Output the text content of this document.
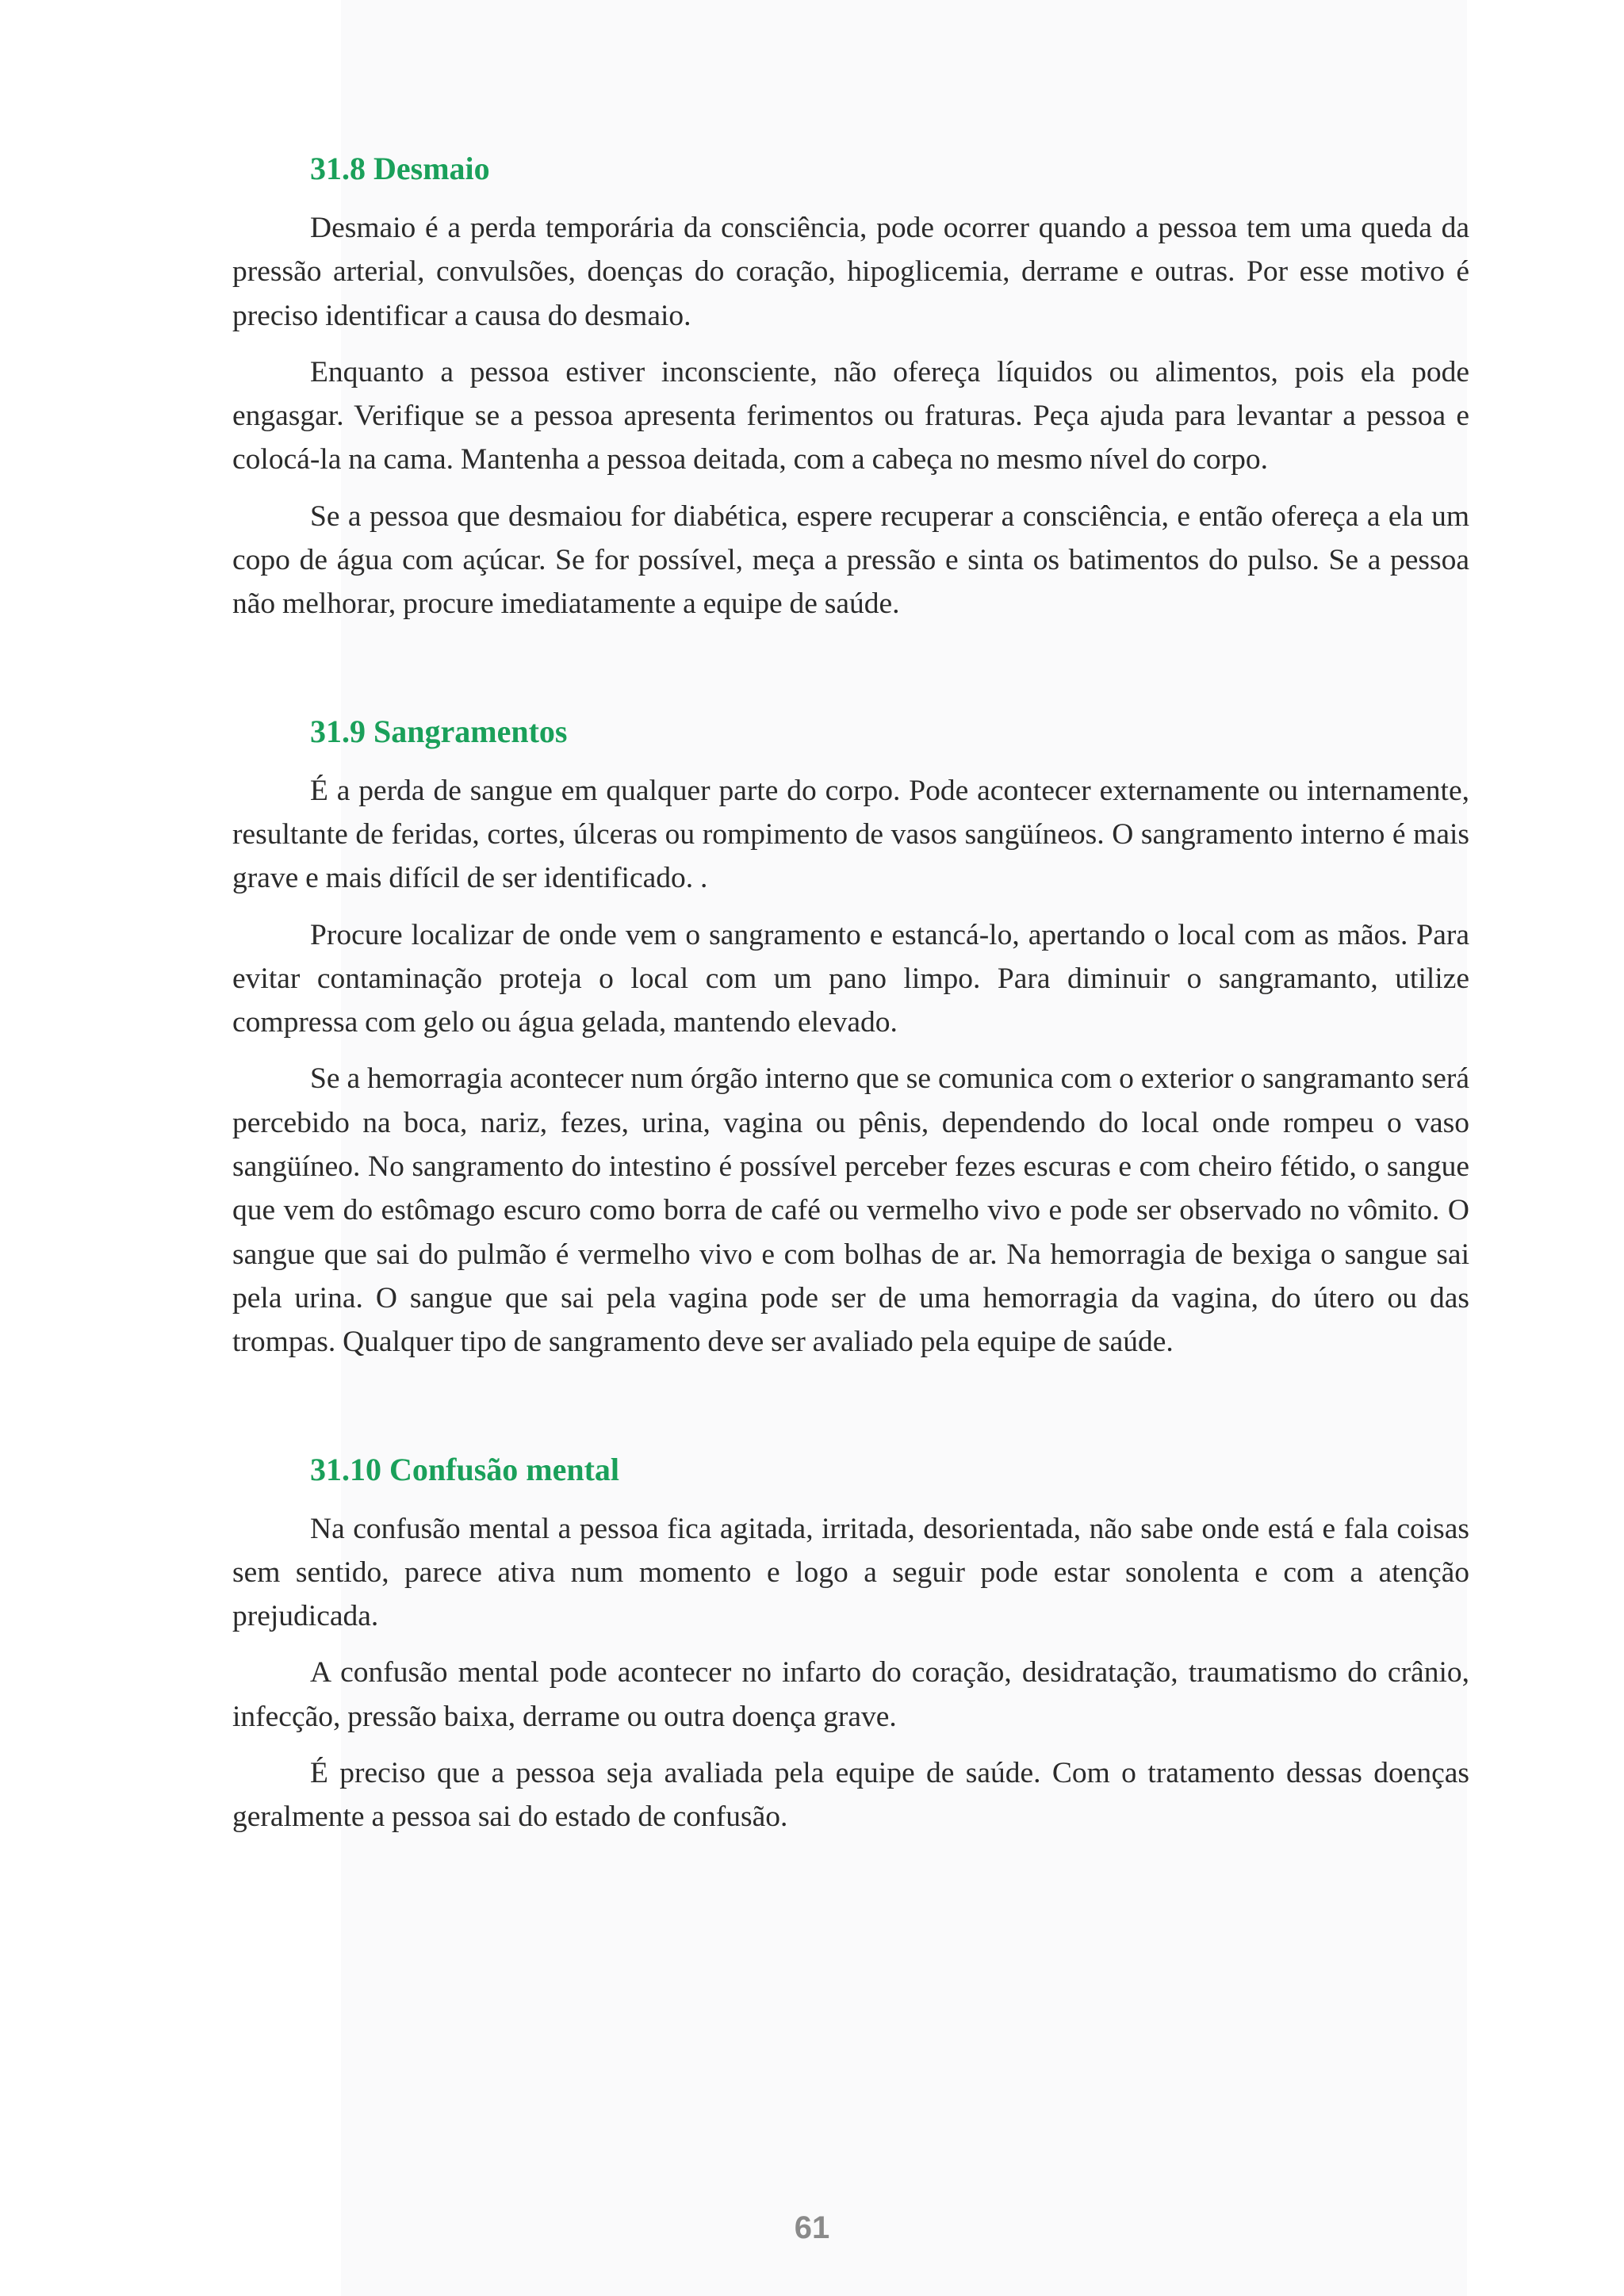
31.8 Desmaio

Desmaio é a perda temporária da consciência, pode ocorrer quando a pessoa tem uma queda da pressão arterial, convulsões, doenças do coração, hipoglicemia, derrame e outras. Por esse motivo é preciso identificar a causa do desmaio.

Enquanto a pessoa estiver inconsciente, não ofereça líquidos ou alimentos, pois ela pode engasgar. Verifique se a pessoa apresenta ferimentos ou fraturas. Peça ajuda para levantar a pessoa e colocá-la na cama. Mantenha a pessoa deitada, com a cabeça no mesmo nível do corpo.

Se a pessoa que desmaiou for diabética, espere recuperar a consciência, e então ofereça a ela um copo de água com açúcar. Se for possível, meça a pressão e sinta os batimentos do pulso. Se a pessoa não melhorar, procure imediatamente a equipe de saúde.

31.9 Sangramentos

É a perda de sangue em qualquer parte do corpo. Pode acontecer externamente ou internamente, resultante de feridas, cortes, úlceras ou rompimento de vasos sangüíneos. O sangramento interno é mais grave e mais difícil de ser identificado. .

Procure localizar de onde vem o sangramento e estancá-lo, apertando o local com as mãos. Para evitar contaminação proteja o local com um pano limpo. Para diminuir o sangramanto, utilize compressa com gelo ou água gelada, mantendo elevado.

Se a hemorragia acontecer num órgão interno que se comunica com o exterior o sangramanto será percebido na boca, nariz, fezes, urina, vagina ou pênis, dependendo do local onde rompeu o vaso sangüíneo. No sangramento do intestino é possível perceber fezes escuras e com cheiro fétido, o sangue que vem do estômago escuro como borra de café ou vermelho vivo e pode ser observado no vômito. O sangue que sai do pulmão é vermelho vivo e com bolhas de ar. Na hemorragia de bexiga o sangue sai pela urina. O sangue que sai pela vagina pode ser de uma hemorragia da vagina, do útero ou das trompas. Qualquer tipo de sangramento deve ser avaliado pela equipe de saúde.

31.10 Confusão mental

Na confusão mental a pessoa fica agitada, irritada, desorientada, não sabe onde está e fala coisas sem sentido, parece ativa num momento e logo a seguir pode estar sonolenta e com a atenção prejudicada.

A confusão mental pode acontecer no infarto do coração, desidratação, traumatismo do crânio, infecção, pressão baixa, derrame ou outra doença grave.

É preciso que a pessoa seja avaliada pela equipe de saúde. Com o tratamento dessas doenças geralmente a pessoa sai do estado de confusão.

61
